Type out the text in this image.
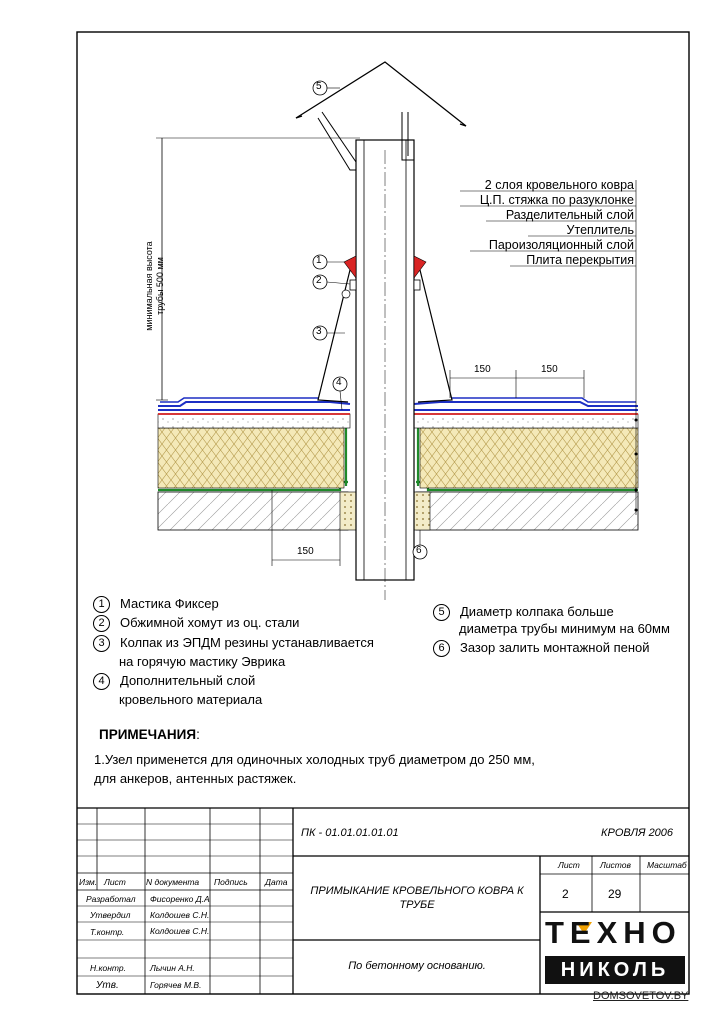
5
1
2
3
4
6
минимальная высота трубы 500 мм
150	150
150
2 слоя кровельного ковра
Ц.П. стяжка по разуклонке
Разделительный слой
Утеплитель
Пароизоляционный слой
Плита перекрытия
1 Мастика Фиксер
2 Обжимной хомут из оц. стали
3 Колпак из ЭПДМ резины устанавливается
на горячую мастику Эврика
4 Дополнительный слой
кровельного материала
5 Диаметр колпака больше
диаметра трубы минимум на 60мм
6 Зазор залить монтажной пеной
ПРИМЕЧАНИЯ:
1.Узел применется для одиночных холодных труб диаметром до 250 мм,
для анкеров, антенных растяжек.
ПК - 01.01.01.01.01	КРОВЛЯ 2006
ПРИМЫКАНИЕ КРОВЕЛЬНОГО КОВРА К
ТРУБЕ
По бетонному основанию.
Лист Листов Масштаб
2	29
Изм. Лист N документа Подпись Дата
Разработал Фисоренко Д.А
Утвердил Колдошев С.Н.
Т.контр.	Колдошев С.Н.
Н.контр.	Лычин А.Н.
Утв.	Горячев М.В.
ТЕХНО
НИКОЛЬ
DOMSOVETOV.BY
